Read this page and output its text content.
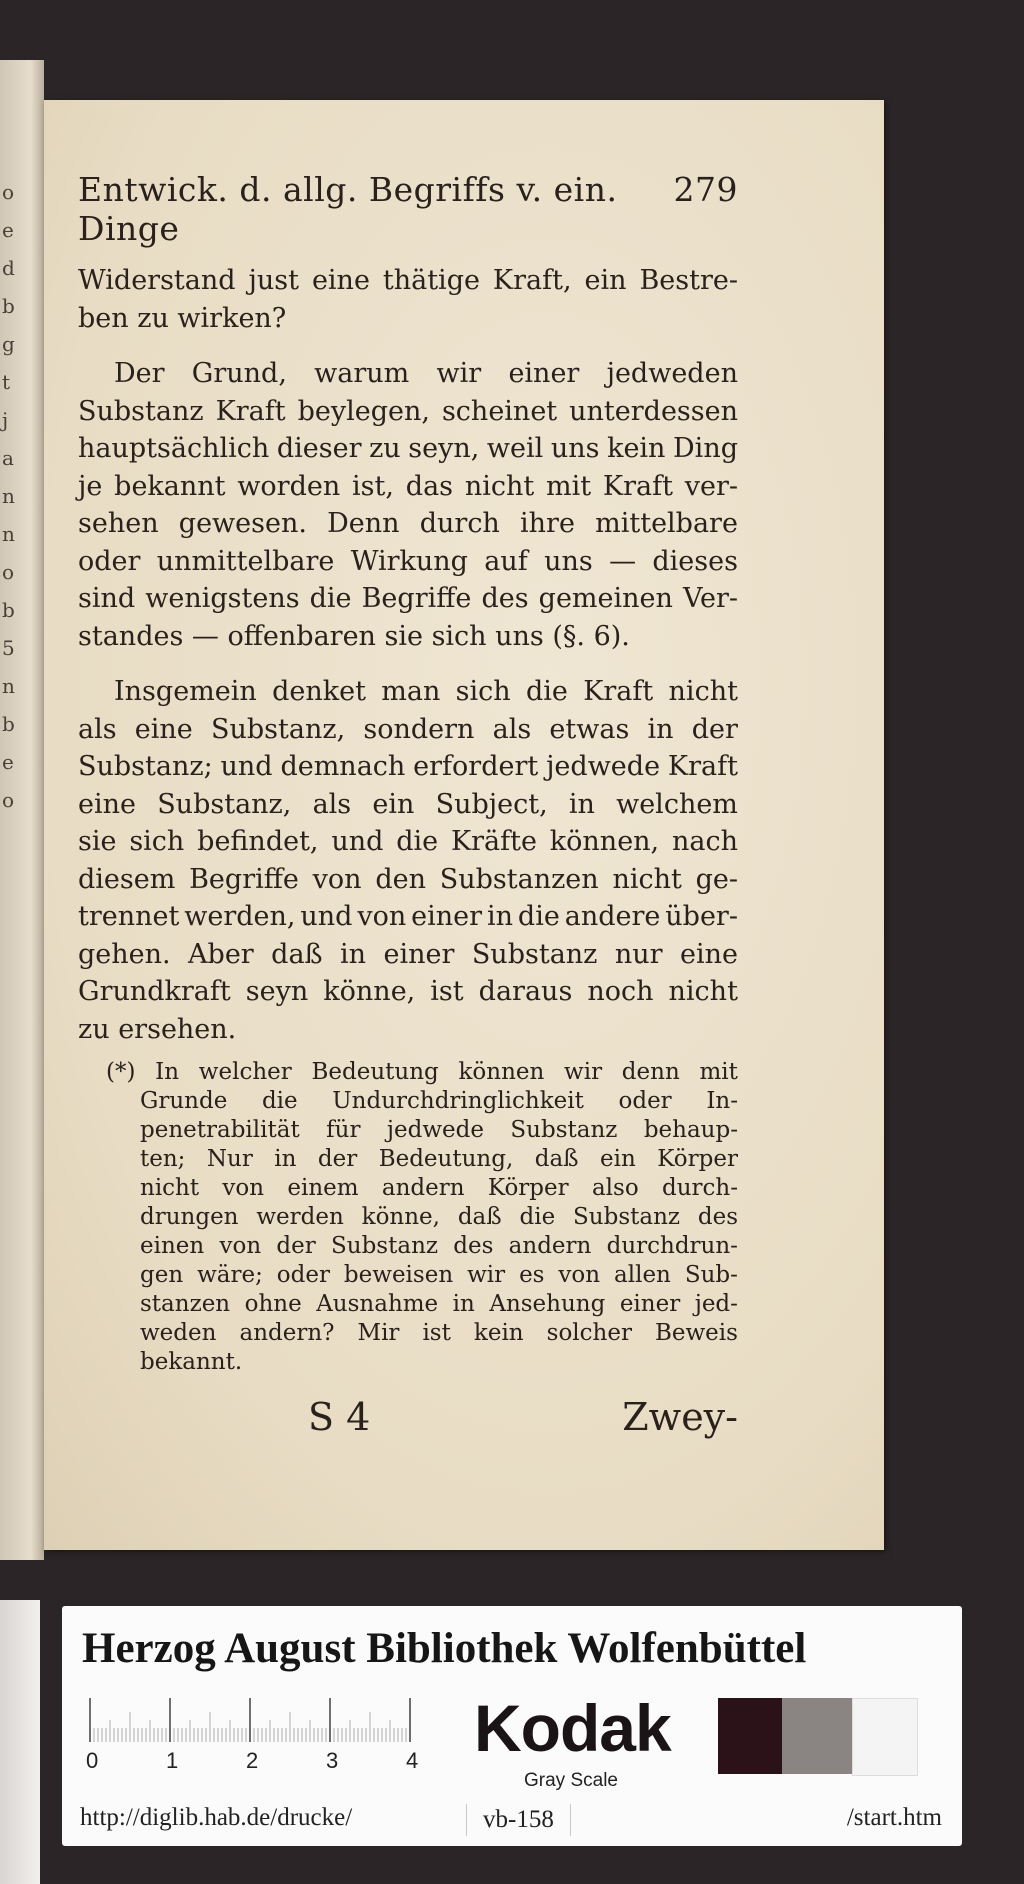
o
e
d
b
g
t
j
a
n
n
o
b
5
n
b
e
o
Entwick. d. allg. Begriffs v. ein. Dinge
279
Widerstand just eine thätige Kraft, ein Bestre-
ben zu wirken?
Der Grund, warum wir einer jedweden
Substanz Kraft beylegen, scheinet unterdessen
hauptsächlich dieser zu seyn, weil uns kein Ding
je bekannt worden ist, das nicht mit Kraft ver-
sehen gewesen. Denn durch ihre mittelbare
oder unmittelbare Wirkung auf uns — dieses
sind wenigstens die Begriffe des gemeinen Ver-
standes — offenbaren sie sich uns (§. 6).
Insgemein denket man sich die Kraft nicht
als eine Substanz, sondern als etwas in der
Substanz; und demnach erfordert jedwede Kraft
eine Substanz, als ein Subject, in welchem
sie sich befindet, und die Kräfte können, nach
diesem Begriffe von den Substanzen nicht ge-
trennet werden, und von einer in die andere über-
gehen. Aber daß in einer Substanz nur eine
Grundkraft seyn könne, ist daraus noch nicht
zu ersehen.
(*) In welcher Bedeutung können wir denn mit
Grunde die Undurchdringlichkeit oder In-
penetrabilität für jedwede Substanz behaup-
ten; Nur in der Bedeutung, daß ein Körper
nicht von einem andern Körper also durch-
drungen werden könne, daß die Substanz des
einen von der Substanz des andern durchdrun-
gen wäre; oder beweisen wir es von allen Sub-
stanzen ohne Ausnahme in Ansehung einer jed-
weden andern? Mir ist kein solcher Beweis
bekannt.
S 4	Zwey-
Herzog August Bibliothek Wolfenbüttel
0	1	2	3	4 Kodak
Gray Scale
http://diglib.hab.de/drucke/	vb-158	/start.htm
